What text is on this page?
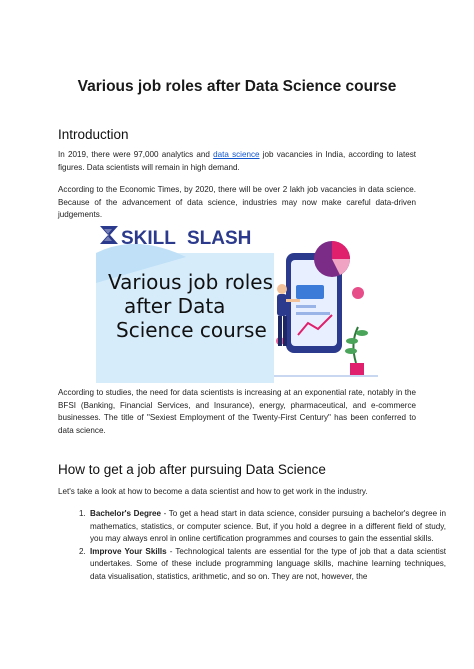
Various job roles after Data Science course
Introduction
In 2019, there were 97,000 analytics and data science job vacancies in India, according to latest figures. Data scientists will remain in high demand.
According to the Economic Times, by 2020, there will be over 2 lakh job vacancies in data science. Because of the advancement of data science, industries may now make careful data-driven judgements.
SKILL SLASH
Various job roles
after Data
Science course
According to studies, the need for data scientists is increasing at an exponential rate, notably in the BFSI (Banking, Financial Services, and Insurance), energy, pharmaceutical, and e-commerce businesses. The title of "Sexiest Employment of the Twenty-First Century" has been conferred to data science.
How to get a job after pursuing Data Science
Let's take a look at how to become a data scientist and how to get work in the industry.
1. Bachelor's Degree - To get a head start in data science, consider pursuing a bachelor's degree in mathematics, statistics, or computer science. But, if you hold a degree in a different field of study, you may always enrol in online certification programmes and courses to gain the essential skills.
2. Improve Your Skills - Technological talents are essential for the type of job that a data scientist undertakes. Some of these include programming language skills, machine learning techniques, data visualisation, statistics, arithmetic, and so on. They are not, however, the
